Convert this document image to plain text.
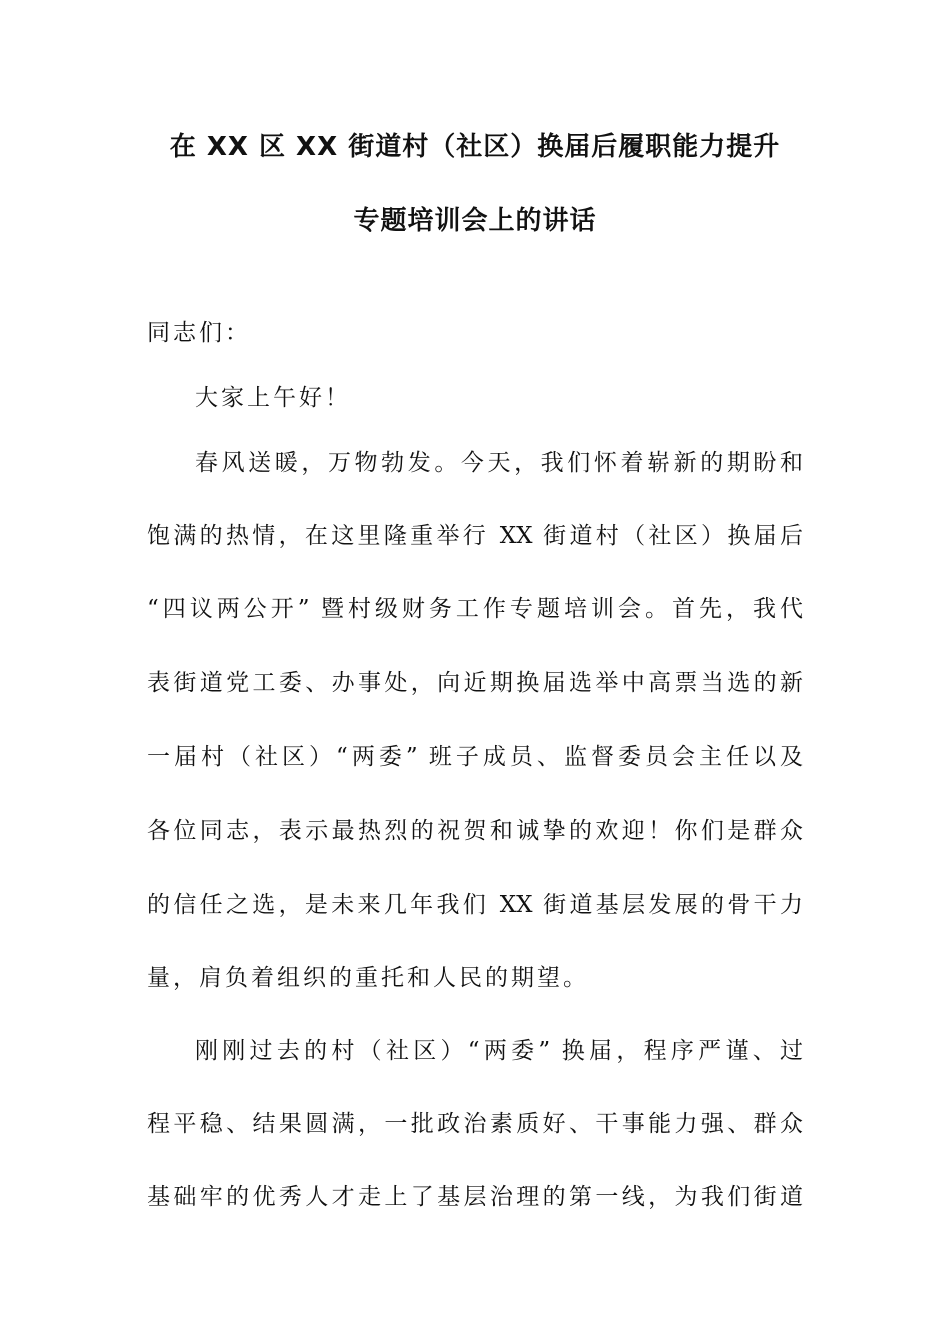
在 XX 区 XX 街道村（社区）换届后履职能力提升
专题培训会上的讲话
同志们：
大家上午好！
春风送暖，万物勃发。今天，我们怀着崭新的期盼和
饱满的热情，在这里隆重举行 XX 街道村（社区）换届后
“四议两公开” 暨村级财务工作专题培训会。首先，我代
表街道党工委、办事处，向近期换届选举中高票当选的新
一届村（社区）“两委” 班子成员、监督委员会主任以及
各位同志，表示最热烈的祝贺和诚挚的欢迎！你们是群众
的信任之选，是未来几年我们 XX 街道基层发展的骨干力
量，肩负着组织的重托和人民的期望。
刚刚过去的村（社区）“两委” 换届，程序严谨、过
程平稳、结果圆满，一批政治素质好、干事能力强、群众
基础牢的优秀人才走上了基层治理的第一线，为我们街道
